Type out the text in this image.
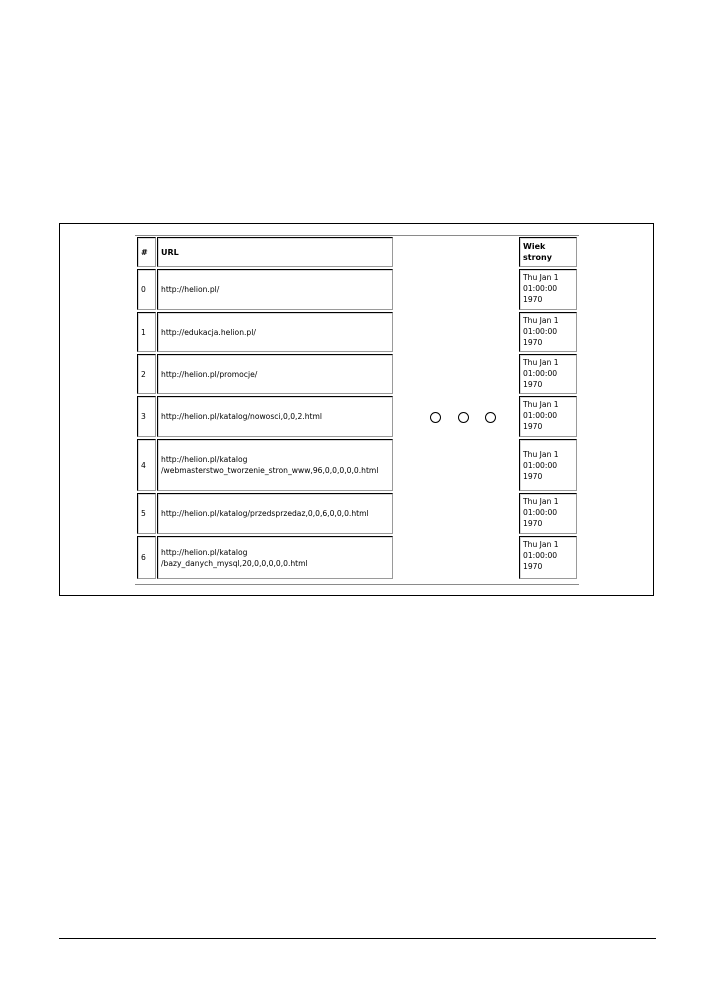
# URL
Wiek strony
0 http://helion.pl/
Thu Jan 1
01:00:00
1970
1 http://edukacja.helion.pl/
Thu Jan 1
01:00:00
1970
2 http://helion.pl/promocje/
Thu Jan 1
01:00:00
1970
3 http://helion.pl/katalog/nowosci,0,0,2.html
Thu Jan 1
01:00:00
1970
4
http://helion.pl/katalog
/webmasterstwo_tworzenie_stron_www,96,0,0,0,0,0.html
Thu Jan 1
01:00:00
1970
5 http://helion.pl/katalog/przedsprzedaz,0,0,6,0,0,0.html
Thu Jan 1
01:00:00
1970
6
http://helion.pl/katalog
/bazy_danych_mysql,20,0,0,0,0,0.html
Thu Jan 1
01:00:00
1970
